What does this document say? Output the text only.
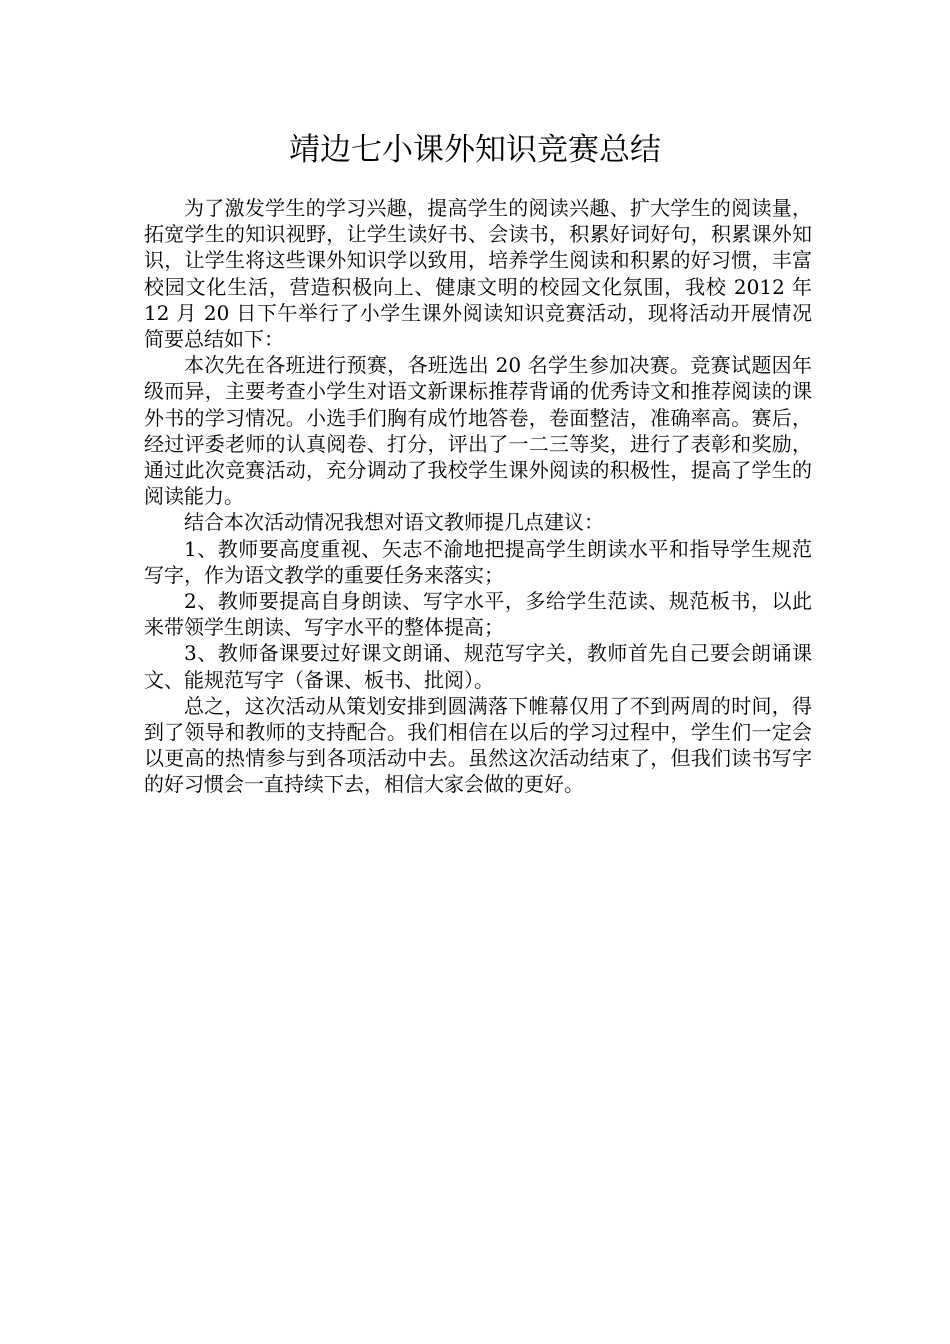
靖边七小课外知识竞赛总结

为了激发学生的学习兴趣，提高学生的阅读兴趣、扩大学生的阅读量，拓宽学生的知识视野，让学生读好书、会读书，积累好词好句，积累课外知识，让学生将这些课外知识学以致用，培养学生阅读和积累的好习惯，丰富校园文化生活，营造积极向上、健康文明的校园文化氛围，我校 2012 年 12 月 20 日下午举行了小学生课外阅读知识竞赛活动，现将活动开展情况简要总结如下：

本次先在各班进行预赛，各班选出 20 名学生参加决赛。竞赛试题因年级而异，主要考查小学生对语文新课标推荐背诵的优秀诗文和推荐阅读的课外书的学习情况。小选手们胸有成竹地答卷，卷面整洁，准确率高。赛后，经过评委老师的认真阅卷、打分，评出了一二三等奖，进行了表彰和奖励，通过此次竞赛活动，充分调动了我校学生课外阅读的积极性，提高了学生的阅读能力。

结合本次活动情况我想对语文教师提几点建议：

1、教师要高度重视、矢志不渝地把提高学生朗读水平和指导学生规范写字，作为语文教学的重要任务来落实；

2、教师要提高自身朗读、写字水平，多给学生范读、规范板书，以此来带领学生朗读、写字水平的整体提高；

3、教师备课要过好课文朗诵、规范写字关，教师首先自己要会朗诵课文、能规范写字（备课、板书、批阅）。

总之，这次活动从策划安排到圆满落下帷幕仅用了不到两周的时间，得到了领导和教师的支持配合。我们相信在以后的学习过程中，学生们一定会以更高的热情参与到各项活动中去。虽然这次活动结束了，但我们读书写字的好习惯会一直持续下去，相信大家会做的更好。
